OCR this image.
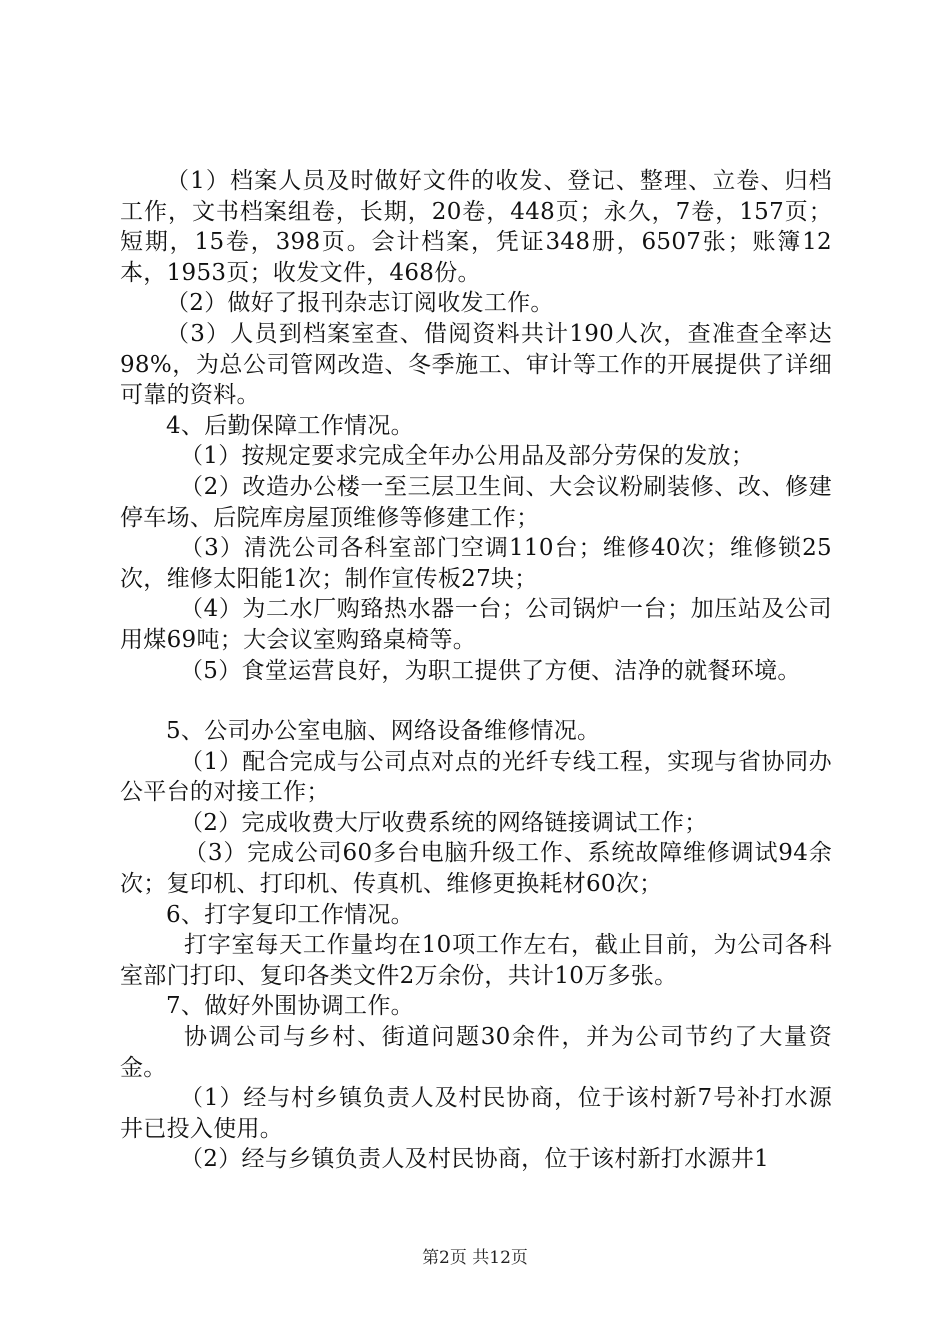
（1）档案人员及时做好文件的收发、登记、整理、立卷、归档工作，文书档案组卷，长期，20卷，448页；永久，7卷，157页；短期，15卷，398页。会计档案，凭证348册，6507张；账簿12本，1953页；收发文件，468份。

（2）做好了报刊杂志订阅收发工作。

（3）人员到档案室查、借阅资料共计190人次，查准查全率达98%，为总公司管网改造、冬季施工、审计等工作的开展提供了详细可靠的资料。

4、后勤保障工作情况。

（1）按规定要求完成全年办公用品及部分劳保的发放；

（2）改造办公楼一至三层卫生间、大会议粉刷装修、改、修建停车场、后院库房屋顶维修等修建工作；

（3）清洗公司各科室部门空调110台；维修40次；维修锁25次，维修太阳能1次；制作宣传板27块；

（4）为二水厂购臵热水器一台；公司锅炉一台；加压站及公司用煤69吨；大会议室购臵桌椅等。

（5）食堂运营良好，为职工提供了方便、洁净的就餐环境。

5、公司办公室电脑、网络设备维修情况。

（1）配合完成与公司点对点的光纤专线工程，实现与省协同办公平台的对接工作；

（2）完成收费大厅收费系统的网络链接调试工作；

（3）完成公司60多台电脑升级工作、系统故障维修调试94余次；复印机、打印机、传真机、维修更换耗材60次；

6、打字复印工作情况。

打字室每天工作量均在10项工作左右，截止目前，为公司各科室部门打印、复印各类文件2万余份，共计10万多张。

7、做好外围协调工作。

协调公司与乡村、街道问题30余件，并为公司节约了大量资金。

（1）经与村乡镇负责人及村民协商，位于该村新7号补打水源井已投入使用。

（2）经与乡镇负责人及村民协商，位于该村新打水源井1

第2页 共12页
